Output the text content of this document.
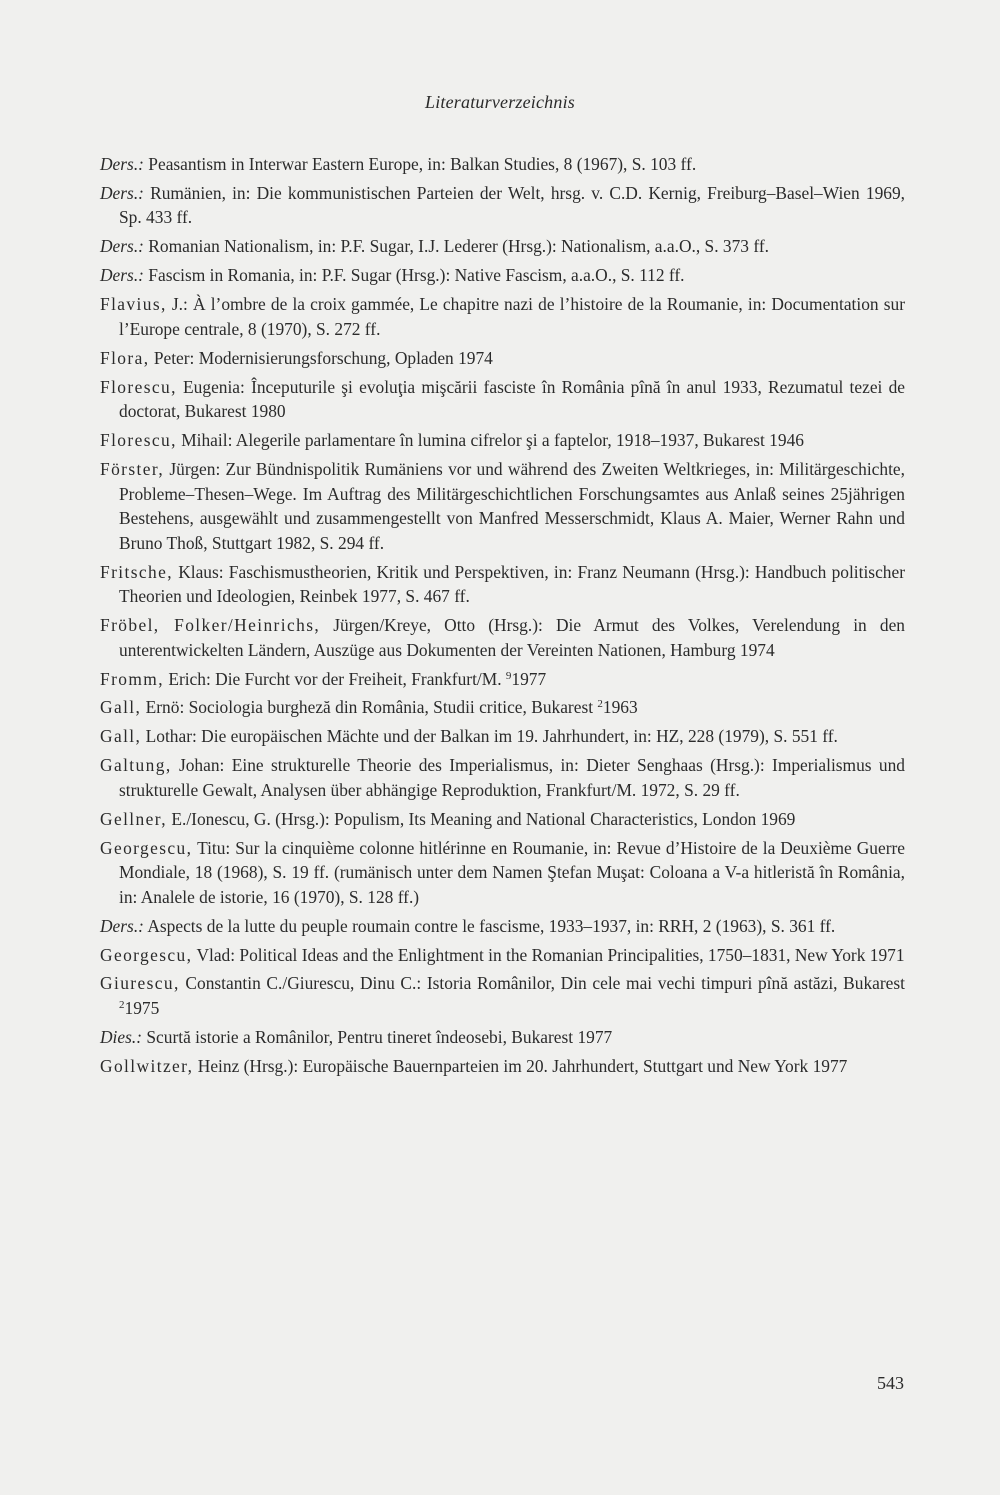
Literaturverzeichnis

Ders.: Peasantism in Interwar Eastern Europe, in: Balkan Studies, 8 (1967), S. 103 ff.

Ders.: Rumänien, in: Die kommunistischen Parteien der Welt, hrsg. v. C.D. Kernig, Freiburg–Basel–Wien 1969, Sp. 433 ff.

Ders.: Romanian Nationalism, in: P.F. Sugar, I.J. Lederer (Hrsg.): Nationalism, a.a.O., S. 373 ff.

Ders.: Fascism in Romania, in: P.F. Sugar (Hrsg.): Native Fascism, a.a.O., S. 112 ff.

Flavius, J.: À l’ombre de la croix gammée, Le chapitre nazi de l’histoire de la Roumanie, in: Documentation sur l’Europe centrale, 8 (1970), S. 272 ff.

Flora, Peter: Modernisierungsforschung, Opladen 1974

Florescu, Eugenia: Începuturile şi evoluţia mişcării fasciste în România pînă în anul 1933, Rezumatul tezei de doctorat, Bukarest 1980

Florescu, Mihail: Alegerile parlamentare în lumina cifrelor şi a faptelor, 1918–1937, Bukarest 1946

Förster, Jürgen: Zur Bündnispolitik Rumäniens vor und während des Zweiten Weltkrieges, in: Militärgeschichte, Probleme–Thesen–Wege. Im Auftrag des Militärgeschichtlichen Forschungsamtes aus Anlaß seines 25jährigen Bestehens, ausgewählt und zusammengestellt von Manfred Messerschmidt, Klaus A. Maier, Werner Rahn und Bruno Thoß, Stuttgart 1982, S. 294 ff.

Fritsche, Klaus: Faschismustheorien, Kritik und Perspektiven, in: Franz Neumann (Hrsg.): Handbuch politischer Theorien und Ideologien, Reinbek 1977, S. 467 ff.

Fröbel, Folker/Heinrichs, Jürgen/Kreye, Otto (Hrsg.): Die Armut des Volkes, Verelendung in den unterentwickelten Ländern, Auszüge aus Dokumenten der Vereinten Nationen, Hamburg 1974

Fromm, Erich: Die Furcht vor der Freiheit, Frankfurt/M. $^9$1977

Gall, Ernö: Sociologia burgheză din România, Studii critice, Bukarest $^2$1963

Gall, Lothar: Die europäischen Mächte und der Balkan im 19. Jahrhundert, in: HZ, 228 (1979), S. 551 ff.

Galtung, Johan: Eine strukturelle Theorie des Imperialismus, in: Dieter Senghaas (Hrsg.): Imperialismus und strukturelle Gewalt, Analysen über abhängige Reproduktion, Frankfurt/M. 1972, S. 29 ff.

Gellner, E./Ionescu, G. (Hrsg.): Populism, Its Meaning and National Characteristics, London 1969

Georgescu, Titu: Sur la cinquième colonne hitlérinne en Roumanie, in: Revue d’Histoire de la Deuxième Guerre Mondiale, 18 (1968), S. 19 ff. (rumänisch unter dem Namen Ştefan Muşat: Coloana a V-a hitleristă în România, in: Analele de istorie, 16 (1970), S. 128 ff.)

Ders.: Aspects de la lutte du peuple roumain contre le fascisme, 1933–1937, in: RRH, 2 (1963), S. 361 ff.

Georgescu, Vlad: Political Ideas and the Enlightment in the Romanian Principalities, 1750–1831, New York 1971

Giurescu, Constantin C./Giurescu, Dinu C.: Istoria Românilor, Din cele mai vechi timpuri pînă astăzi, Bukarest $^2$1975

Dies.: Scurtă istorie a Românilor, Pentru tineret îndeosebi, Bukarest 1977

Gollwitzer, Heinz (Hrsg.): Europäische Bauernparteien im 20. Jahrhundert, Stuttgart und New York 1977

543
